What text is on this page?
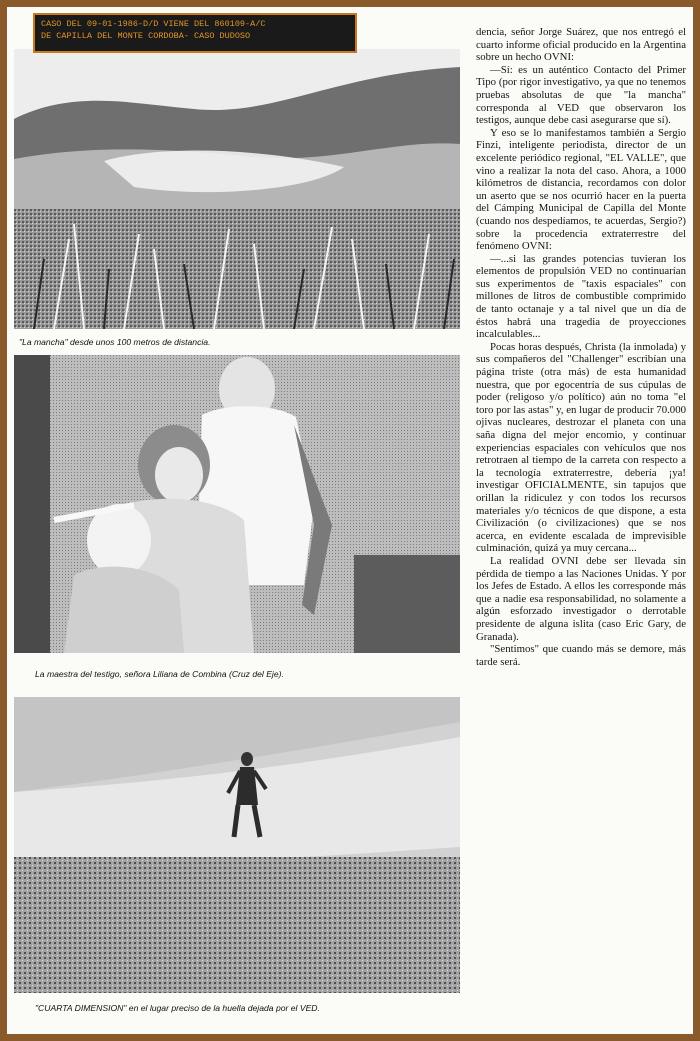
CASO DEL 09-01-1986-D/D VIENE DEL 860109-A/C
DE CAPILLA DEL MONTE CORDOBA- CASO DUDOSO
"La mancha" desde unos 100 metros de distancia.
La maestra del testigo, señora Liliana de Combina (Cruz del Eje).
"CUARTA DIMENSION" en el lugar preciso de la huella dejada por el VED.

dencia, señor Jorge Suárez, que nos entregó el cuarto informe oficial producido en la Argentina sobre un hecho OVNI:

—Sí: es un auténtico Contacto del Primer Tipo (por rigor investigativo, ya que no tenemos pruebas absolutas de que "la mancha" corresponda al VED que observaron los testigos, aunque debe casi asegurarse que sí).

Y eso se lo manifestamos también a Sergio Finzi, inteligente periodista, director de un excelente periódico regional, "EL VALLE", que vino a realizar la nota del caso. Ahora, a 1000 kilómetros de distancia, recordamos con dolor un aserto que se nos ocurrió hacer en la puerta del Cámping Municipal de Capilla del Monte (cuando nos despedíamos, te acuerdas, Sergio?) sobre la procedencia extraterrestre del fenómeno OVNI:

—...si las grandes potencias tuvieran los elementos de propulsión VED no continuarían sus experimentos de "taxis espaciales" con millones de litros de combustible comprimido de tanto octanaje y a tal nivel que un día de éstos habrá una tragedia de proyecciones incalculables...

Pocas horas después, Christa (la inmolada) y sus compañeros del "Challenger" escribían una página triste (otra más) de esta humanidad nuestra, que por egocentría de sus cúpulas de poder (religoso y/o político) aún no toma "el toro por las astas" y, en lugar de producir 70.000 ojivas nucleares, destrozar el planeta con una saña digna del mejor encomio, y continuar experiencias espaciales con vehículos que nos retrotraen al tiempo de la carreta con respecto a la tecnología extraterrestre, debería ¡ya! investigar OFICIALMENTE, sin tapujos que orillan la ridiculez y con todos los recursos materiales y/o técnicos de que dispone, a esta Civilización (o civilizaciones) que se nos acerca, en evidente escalada de imprevisible culminación, quizá ya muy cercana...

La realidad OVNI debe ser llevada sin pérdida de tiempo a las Naciones Unidas. Y por los Jefes de Estado. A ellos les corresponde más que a nadie esa responsabilidad, no solamente a algún esforzado investigador o derrotable presidente de alguna islita (caso Eric Gary, de Granada).

"Sentimos" que cuando más se demore, más tarde será.
